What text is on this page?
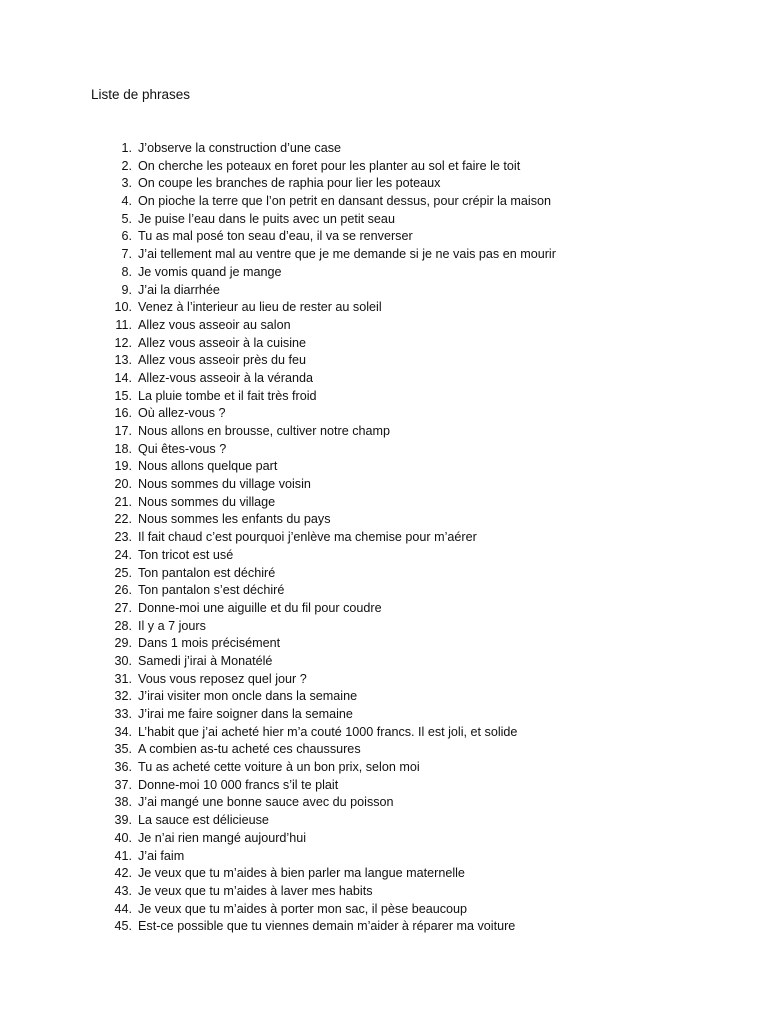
Liste de phrases
1. J’observe la construction d’une case
2. On cherche les poteaux en foret pour les planter au sol et faire le toit
3. On coupe les branches de raphia pour lier les poteaux
4. On pioche la terre que l’on petrit en dansant dessus, pour crépir la maison
5. Je puise l’eau dans le puits avec un petit seau
6. Tu as mal posé ton seau d’eau, il va se renverser
7. J’ai tellement mal au ventre que je me demande si je ne vais pas en mourir
8. Je vomis quand je mange
9. J’ai la diarrhée
10. Venez à l’interieur au lieu de rester au soleil
11. Allez vous asseoir au salon
12. Allez vous asseoir à la cuisine
13. Allez vous asseoir près du feu
14. Allez-vous asseoir à la véranda
15. La pluie tombe et il fait très froid
16. Où allez-vous ?
17. Nous allons en brousse, cultiver notre champ
18. Qui êtes-vous ?
19. Nous allons quelque part
20. Nous sommes du village voisin
21. Nous sommes du village
22. Nous sommes les enfants du pays
23. Il fait chaud c’est pourquoi j’enlève ma chemise pour m’aérer
24. Ton tricot est usé
25. Ton pantalon est déchiré
26. Ton pantalon s’est déchiré
27. Donne-moi une aiguille et du fil pour coudre
28. Il y a 7 jours
29. Dans 1 mois précisément
30. Samedi j’irai à Monatélé
31. Vous vous reposez quel jour ?
32. J’irai visiter mon oncle dans la semaine
33. J’irai me faire soigner dans la semaine
34. L’habit que j’ai acheté hier m’a couté 1000 francs. Il est joli, et solide
35. A combien as-tu acheté ces chaussures
36. Tu as acheté cette voiture à un bon prix, selon moi
37. Donne-moi 10 000 francs s’il te plait
38. J’ai mangé une bonne sauce avec du poisson
39. La sauce est délicieuse
40. Je n’ai rien mangé aujourd’hui
41. J’ai faim
42. Je veux que tu m’aides à bien parler ma langue maternelle
43. Je veux que tu m’aides à laver mes habits
44. Je veux que tu m’aides à porter mon sac, il pèse beaucoup
45. Est-ce possible que tu viennes demain m’aider à réparer ma voiture
